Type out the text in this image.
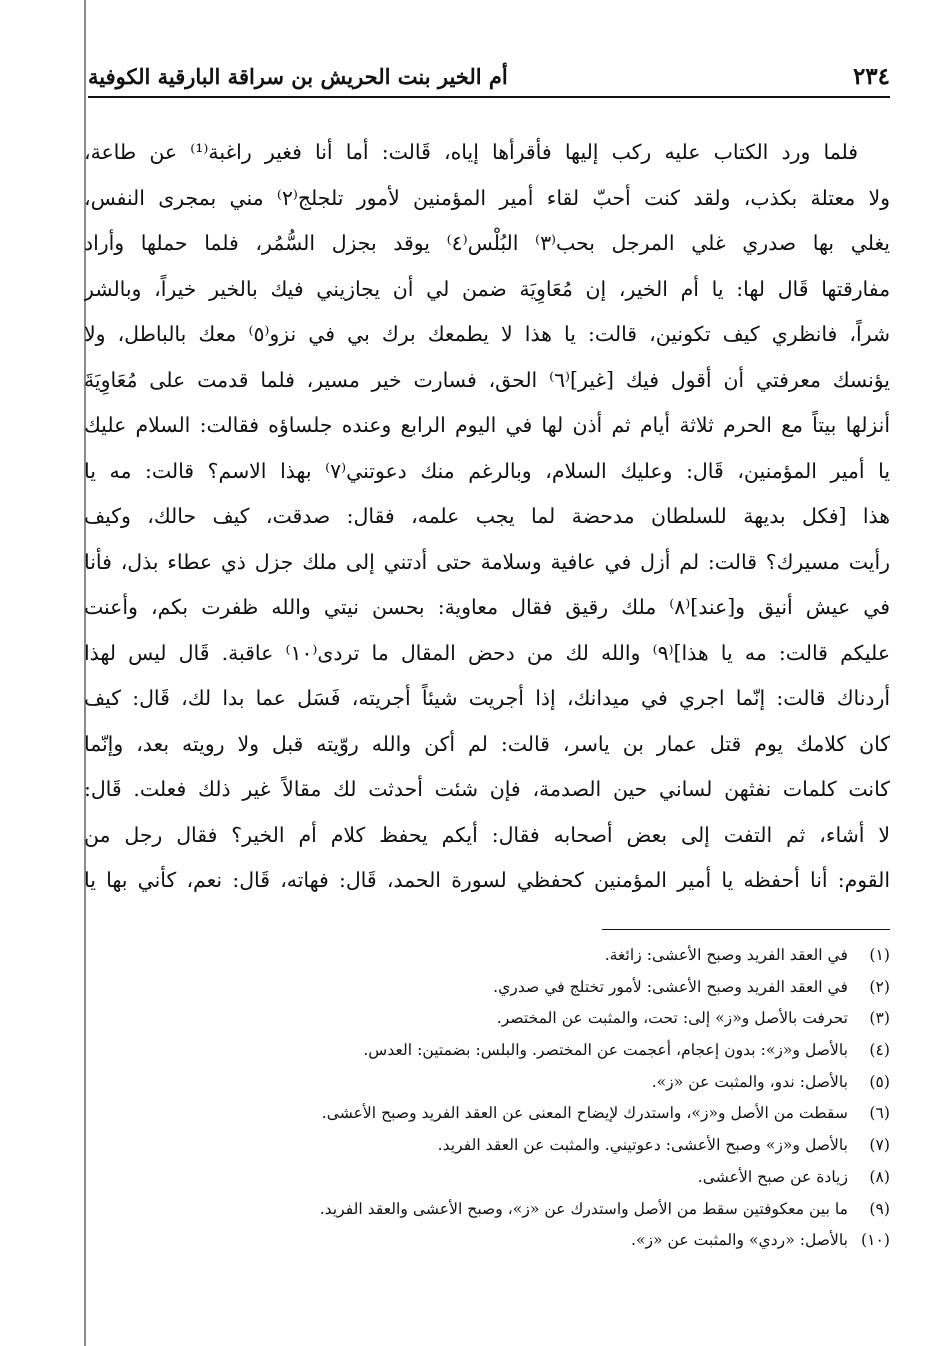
٢٣٤
أم الخير بنت الحريش بن سراقة البارقية الكوفية
فلما ورد الكتاب عليه ركب إليها فأقرأها إياه، قَالت: أما أنا فغير راغبة⁽¹⁾ عن طاعة،
ولا معتلة بكذب، ولقد كنت أحبّ لقاء أمير المؤمنين لأمور تلجلج⁽٢⁾ مني بمجرى النفس،
يغلي بها صدري غلي المرجل بحب⁽٣⁾ البُلْس⁽٤⁾ يوقد بجزل السُّمُر، فلما حملها وأراد
مفارقتها قَال لها: يا أم الخير، إن مُعَاوِيَة ضمن لي أن يجازيني فيك بالخير خيراً، وبالشر
شراً، فانظري كيف تكونين، قالت: يا هذا لا يطمعك برك بي في نزو⁽٥⁾ معك بالباطل، ولا
يؤنسك معرفتي أن أقول فيك [غير]⁽٦⁾ الحق، فسارت خير مسير، فلما قدمت على مُعَاوِيَةَ
أنزلها بيتاً مع الحرم ثلاثة أيام ثم أذن لها في اليوم الرابع وعنده جلساؤه فقالت: السلام عليك
يا أمير المؤمنين، قَال: وعليك السلام، وبالرغم منك دعوتني⁽٧⁾ بهذا الاسم؟ قالت: مه يا
هذا [فكل بديهة للسلطان مدحضة لما يجب علمه، فقال: صدقت، كيف حالك، وكيف
رأيت مسيرك؟ قالت: لم أزل في عافية وسلامة حتى أدتني إلى ملك جزل ذي عطاء بذل، فأنا
في عيش أنيق و[عند]⁽٨⁾ ملك رقيق فقال معاوية: بحسن نيتي والله ظفرت بكم، وأعنت
عليكم قالت: مه يا هذا]⁽٩⁾ والله لك من دحض المقال ما تردى⁽١٠⁾ عاقبة. قَال ليس لهذا
أردناك قالت: إنّما اجري في ميدانك، إذا أجريت شيئاً أجريته، فَسَل عما بدا لك، قَال: كيف
كان كلامك يوم قتل عمار بن ياسر، قالت: لم أكن والله روّيته قبل ولا رويته بعد، وإنّما
كانت كلمات نفثهن لساني حين الصدمة، فإن شئت أحدثت لك مقالاً غير ذلك فعلت. قَال:
لا أشاء، ثم التفت إلى بعض أصحابه فقال: أيكم يحفظ كلام أم الخير؟ فقال رجل من
القوم: أنا أحفظه يا أمير المؤمنين كحفظي لسورة الحمد، قَال: فهاته، قَال: نعم، كأني بها يا
(١)في العقد الفريد وصبح الأعشى: زائغة.
(٢)في العقد الفريد وصبح الأعشى: لأمور تختلج في صدري.
(٣)تحرفت بالأصل و«ز» إلى: تحت، والمثبت عن المختصر.
(٤)بالأصل و«ز»: بدون إعجام، أعجمت عن المختصر. والبلس: بضمتين: العدس.
(٥)بالأصل: ندو، والمثبت عن «ز».
(٦)سقطت من الأصل و«ز»، واستدرك لإيضاح المعنى عن العقد الفريد وصبح الأعشى.
(٧)بالأصل و«ز» وصبح الأعشى: دعوتيني. والمثبت عن العقد الفريد.
(٨)زيادة عن صبح الأعشى.
(٩)ما بين معكوفتين سقط من الأصل واستدرك عن «ز»، وصبح الأعشى والعقد الفريد.
(١٠)بالأصل: «ردي» والمثبت عن «ز».
